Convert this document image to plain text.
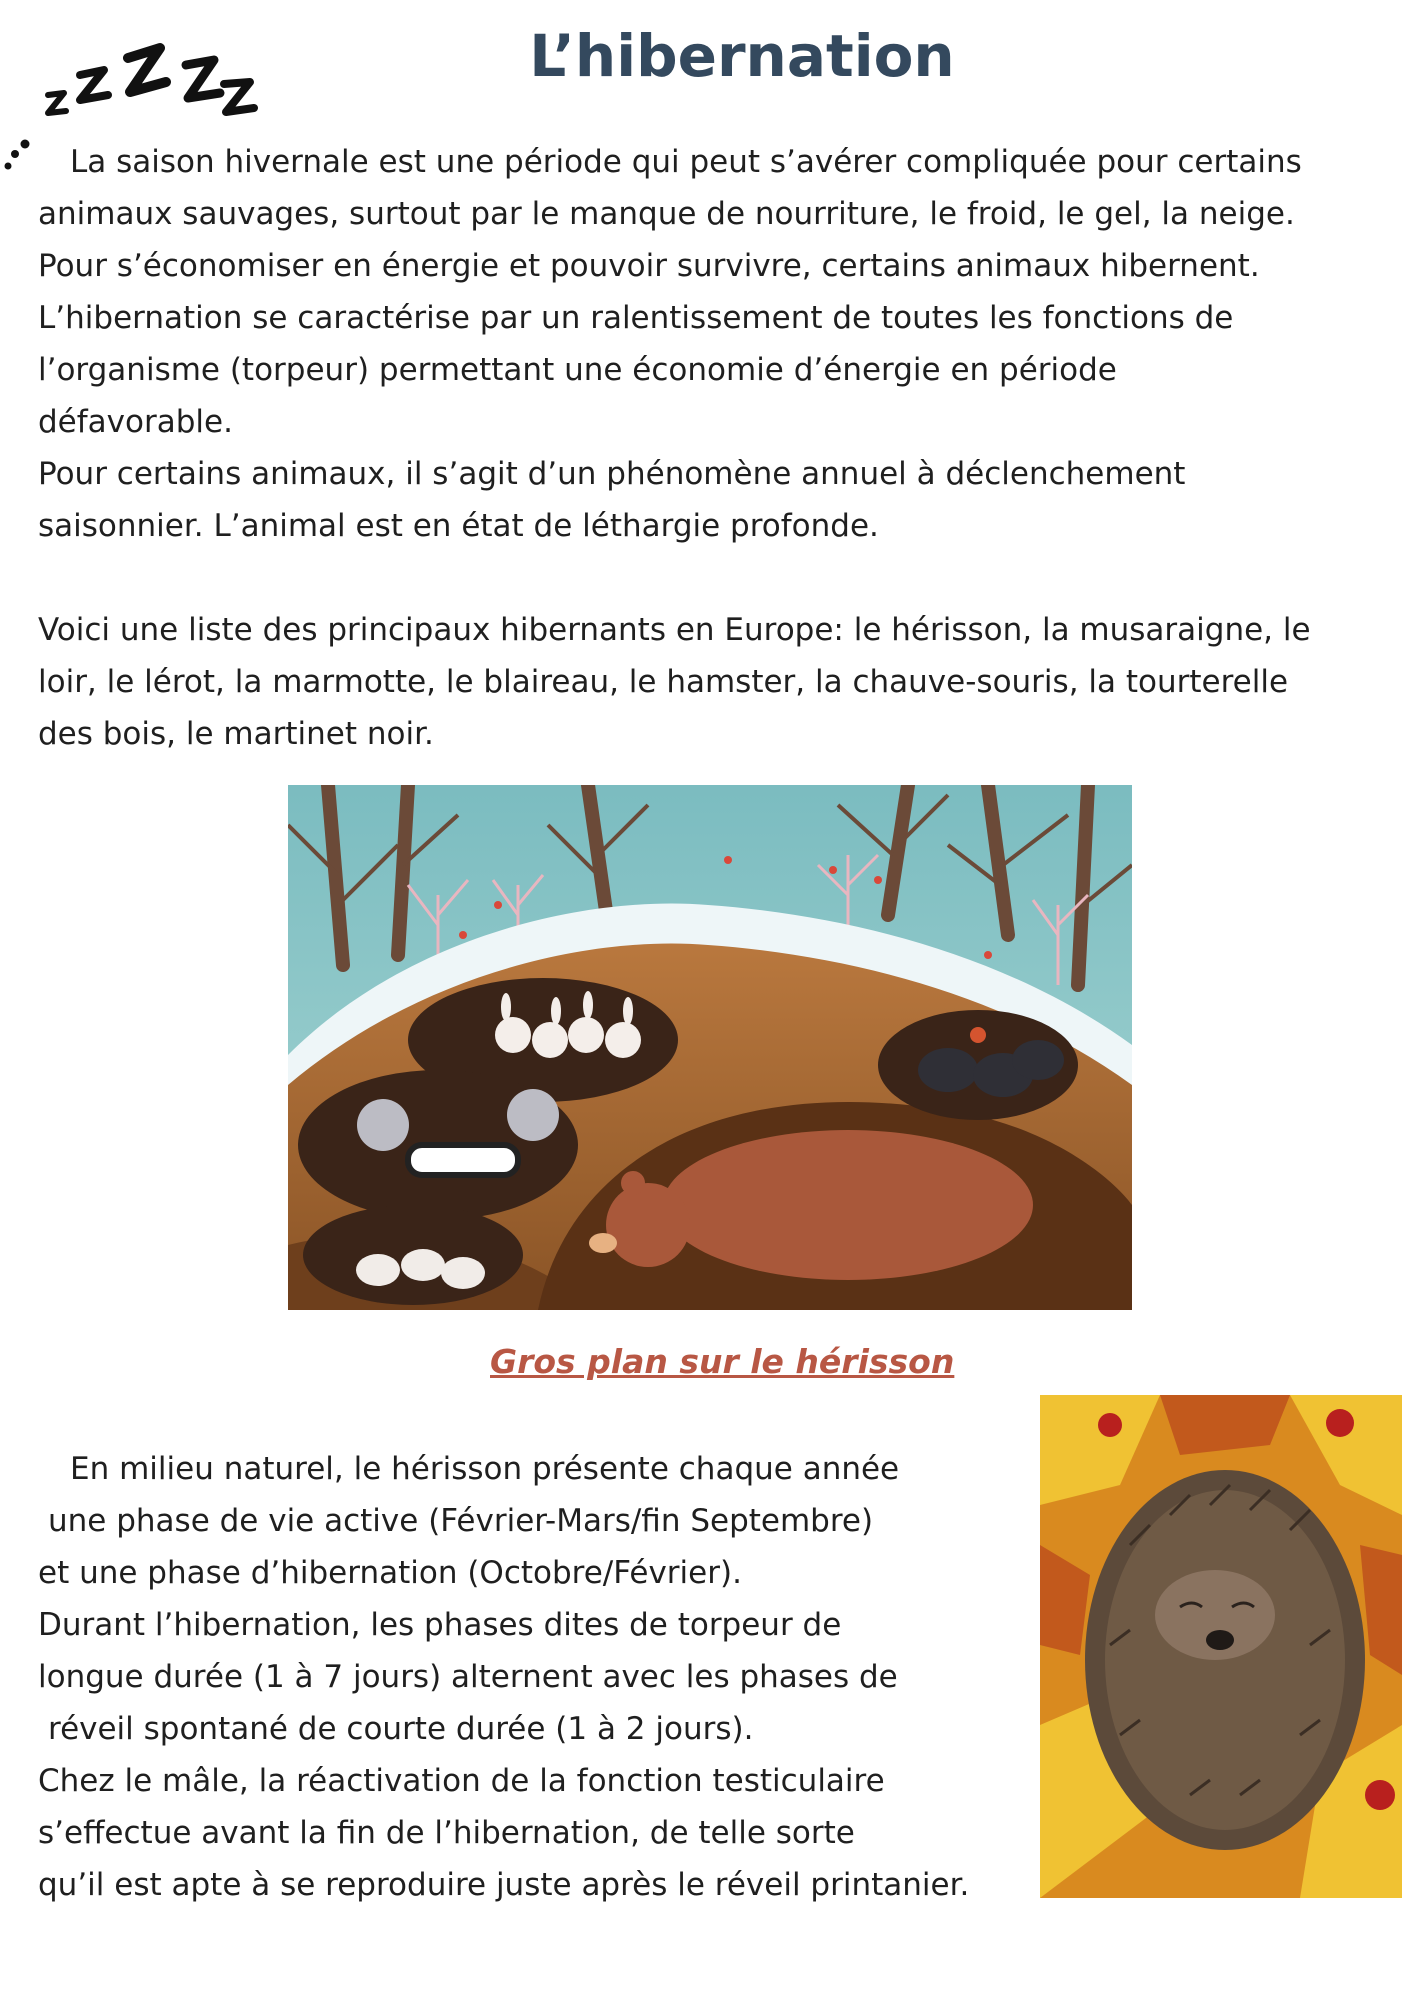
L’hibernation

La saison hivernale est une période qui peut s’avérer compliquée pour certains
animaux sauvages, surtout par le manque de nourriture, le froid, le gel, la neige.
Pour s’économiser en énergie et pouvoir survivre, certains animaux hibernent.
L’hibernation se caractérise par un ralentissement de toutes les fonctions de
l’organisme (torpeur) permettant une économie d’énergie en période
défavorable.

Pour certains animaux, il s’agit d’un phénomène annuel à déclenchement
saisonnier. L’animal est en état de léthargie profonde.

Voici une liste des principaux hibernants en Europe: le hérisson, la musaraigne, le
loir, le lérot, la marmotte, le blaireau, le hamster, la chauve-souris, la tourterelle
des bois, le martinet noir.

Gros plan sur le hérisson

En milieu naturel, le hérisson présente chaque année
une phase de vie active (Février-Mars/fin Septembre)
et une phase d’hibernation (Octobre/Février).
Durant l’hibernation, les phases dites de torpeur de
longue durée (1 à 7 jours) alternent avec les phases de
réveil spontané de courte durée (1 à 2 jours).
Chez le mâle, la réactivation de la fonction testiculaire
s’effectue avant la fin de l’hibernation, de telle sorte
qu’il est apte à se reproduire juste après le réveil printanier.
